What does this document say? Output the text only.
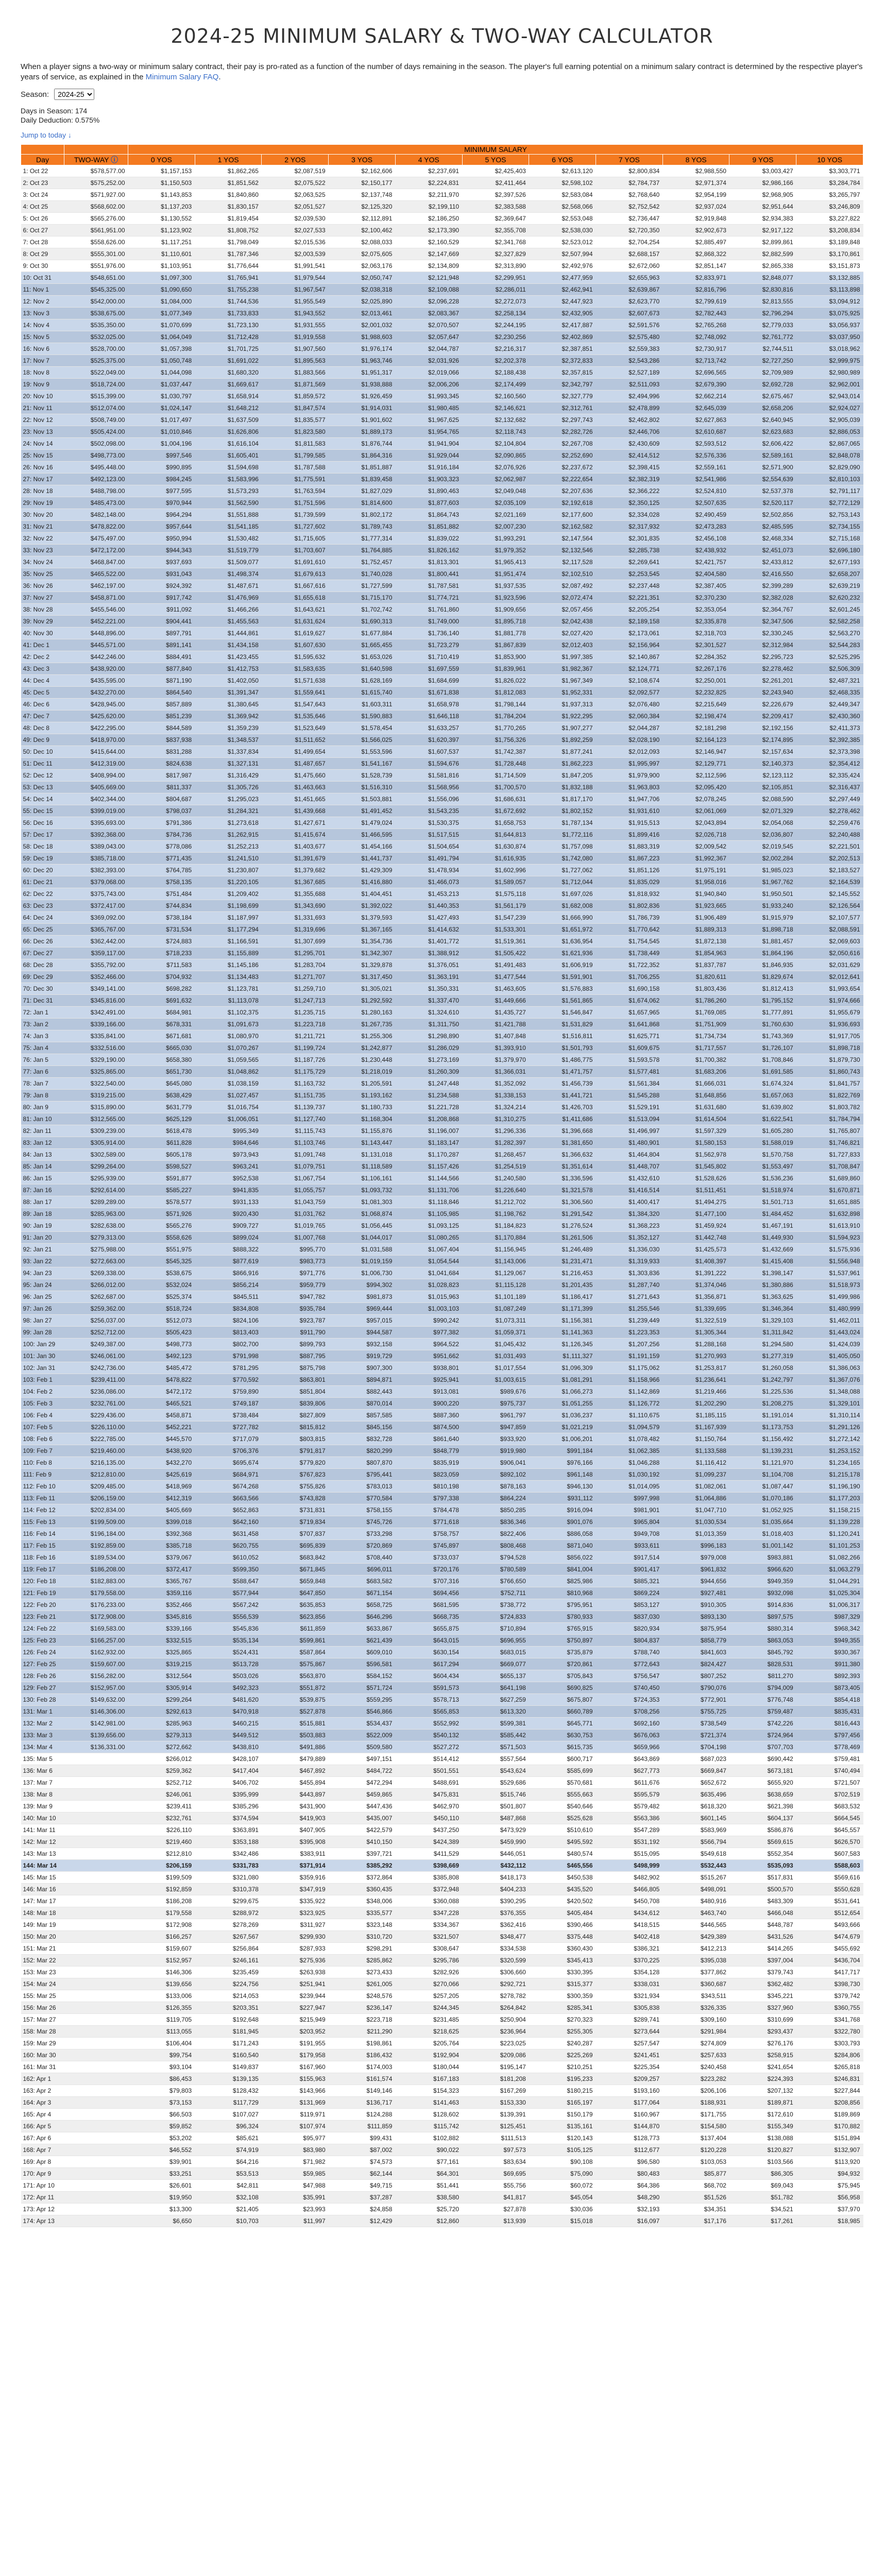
2024-25 MINIMUM SALARY & TWO-WAY CALCULATOR
When a player signs a two-way or minimum salary contract, their pay is pro-rated as a function of the number of days remaining in the season. The player's full earning potential on a minimum salary contract is determined by the respective player's years of service, as explained in the Minimum Salary FAQ.
Season:
2024-25
Days in Season: 174
Daily Deduction: 0.575%
Jump to today ↓
		MINIMUM SALARY										
Day	TWO-WAY ⓘ	0 YOS	1 YOS	2 YOS	3 YOS	4 YOS	5 YOS	6 YOS	7 YOS	8 YOS	9 YOS	10 YOS
1: Oct 22	$578,577.00	$1,157,153	$1,862,265	$2,087,519	$2,162,606	$2,237,691	$2,425,403	$2,613,120	$2,800,834	$2,988,550	$3,003,427	$3,303,771
2: Oct 23	$575,252.00	$1,150,503	$1,851,562	$2,075,522	$2,150,177	$2,224,831	$2,411,464	$2,598,102	$2,784,737	$2,971,374	$2,986,166	$3,284,784
3: Oct 24	$571,927.00	$1,143,853	$1,840,860	$2,063,525	$2,137,748	$2,211,970	$2,397,526	$2,583,084	$2,768,640	$2,954,199	$2,968,905	$3,265,797
4: Oct 25	$568,602.00	$1,137,203	$1,830,157	$2,051,527	$2,125,320	$2,199,110	$2,383,588	$2,568,066	$2,752,542	$2,937,024	$2,951,644	$3,246,809
5: Oct 26	$565,276.00	$1,130,552	$1,819,454	$2,039,530	$2,112,891	$2,186,250	$2,369,647	$2,553,048	$2,736,447	$2,919,848	$2,934,383	$3,227,822
6: Oct 27	$561,951.00	$1,123,902	$1,808,752	$2,027,533	$2,100,462	$2,173,390	$2,355,708	$2,538,030	$2,720,350	$2,902,673	$2,917,122	$3,208,834
7: Oct 28	$558,626.00	$1,117,251	$1,798,049	$2,015,536	$2,088,033	$2,160,529	$2,341,768	$2,523,012	$2,704,254	$2,885,497	$2,899,861	$3,189,848
8: Oct 29	$555,301.00	$1,110,601	$1,787,346	$2,003,539	$2,075,605	$2,147,669	$2,327,829	$2,507,994	$2,688,157	$2,868,322	$2,882,599	$3,170,861
9: Oct 30	$551,976.00	$1,103,951	$1,776,644	$1,991,541	$2,063,176	$2,134,809	$2,313,890	$2,492,976	$2,672,060	$2,851,147	$2,865,338	$3,151,873
10: Oct 31	$548,651.00	$1,097,300	$1,765,941	$1,979,544	$2,050,747	$2,121,948	$2,299,951	$2,477,959	$2,655,963	$2,833,971	$2,848,077	$3,132,885
11: Nov 1	$545,325.00	$1,090,650	$1,755,238	$1,967,547	$2,038,318	$2,109,088	$2,286,011	$2,462,941	$2,639,867	$2,816,796	$2,830,816	$3,113,898
12: Nov 2	$542,000.00	$1,084,000	$1,744,536	$1,955,549	$2,025,890	$2,096,228	$2,272,073	$2,447,923	$2,623,770	$2,799,619	$2,813,555	$3,094,912
13: Nov 3	$538,675.00	$1,077,349	$1,733,833	$1,943,552	$2,013,461	$2,083,367	$2,258,134	$2,432,905	$2,607,673	$2,782,443	$2,796,294	$3,075,925
14: Nov 4	$535,350.00	$1,070,699	$1,723,130	$1,931,555	$2,001,032	$2,070,507	$2,244,195	$2,417,887	$2,591,576	$2,765,268	$2,779,033	$3,056,937
15: Nov 5	$532,025.00	$1,064,049	$1,712,428	$1,919,558	$1,988,603	$2,057,647	$2,230,256	$2,402,869	$2,575,480	$2,748,092	$2,761,772	$3,037,950
16: Nov 6	$528,700.00	$1,057,398	$1,701,725	$1,907,560	$1,976,174	$2,044,787	$2,216,317	$2,387,851	$2,559,383	$2,730,917	$2,744,511	$3,018,962
17: Nov 7	$525,375.00	$1,050,748	$1,691,022	$1,895,563	$1,963,746	$2,031,926	$2,202,378	$2,372,833	$2,543,286	$2,713,742	$2,727,250	$2,999,975
18: Nov 8	$522,049.00	$1,044,098	$1,680,320	$1,883,566	$1,951,317	$2,019,066	$2,188,438	$2,357,815	$2,527,189	$2,696,565	$2,709,989	$2,980,989
19: Nov 9	$518,724.00	$1,037,447	$1,669,617	$1,871,569	$1,938,888	$2,006,206	$2,174,499	$2,342,797	$2,511,093	$2,679,390	$2,692,728	$2,962,001
20: Nov 10	$515,399.00	$1,030,797	$1,658,914	$1,859,572	$1,926,459	$1,993,345	$2,160,560	$2,327,779	$2,494,996	$2,662,214	$2,675,467	$2,943,014
21: Nov 11	$512,074.00	$1,024,147	$1,648,212	$1,847,574	$1,914,031	$1,980,485	$2,146,621	$2,312,761	$2,478,899	$2,645,039	$2,658,206	$2,924,027
22: Nov 12	$508,749.00	$1,017,497	$1,637,509	$1,835,577	$1,901,602	$1,967,625	$2,132,682	$2,297,743	$2,462,802	$2,627,863	$2,640,945	$2,905,039
23: Nov 13	$505,424.00	$1,010,846	$1,626,806	$1,823,580	$1,889,173	$1,954,765	$2,118,743	$2,282,726	$2,446,706	$2,610,687	$2,623,683	$2,886,053
24: Nov 14	$502,098.00	$1,004,196	$1,616,104	$1,811,583	$1,876,744	$1,941,904	$2,104,804	$2,267,708	$2,430,609	$2,593,512	$2,606,422	$2,867,065
25: Nov 15	$498,773.00	$997,546	$1,605,401	$1,799,585	$1,864,316	$1,929,044	$2,090,865	$2,252,690	$2,414,512	$2,576,336	$2,589,161	$2,848,078
26: Nov 16	$495,448.00	$990,895	$1,594,698	$1,787,588	$1,851,887	$1,916,184	$2,076,926	$2,237,672	$2,398,415	$2,559,161	$2,571,900	$2,829,090
27: Nov 17	$492,123.00	$984,245	$1,583,996	$1,775,591	$1,839,458	$1,903,323	$2,062,987	$2,222,654	$2,382,319	$2,541,986	$2,554,639	$2,810,103
28: Nov 18	$488,798.00	$977,595	$1,573,293	$1,763,594	$1,827,029	$1,890,463	$2,049,048	$2,207,636	$2,366,222	$2,524,810	$2,537,378	$2,791,117
29: Nov 19	$485,473.00	$970,944	$1,562,590	$1,751,596	$1,814,600	$1,877,603	$2,035,109	$2,192,618	$2,350,125	$2,507,635	$2,520,117	$2,772,129
30: Nov 20	$482,148.00	$964,294	$1,551,888	$1,739,599	$1,802,172	$1,864,743	$2,021,169	$2,177,600	$2,334,028	$2,490,459	$2,502,856	$2,753,143
31: Nov 21	$478,822.00	$957,644	$1,541,185	$1,727,602	$1,789,743	$1,851,882	$2,007,230	$2,162,582	$2,317,932	$2,473,283	$2,485,595	$2,734,155
32: Nov 22	$475,497.00	$950,994	$1,530,482	$1,715,605	$1,777,314	$1,839,022	$1,993,291	$2,147,564	$2,301,835	$2,456,108	$2,468,334	$2,715,168
33: Nov 23	$472,172.00	$944,343	$1,519,779	$1,703,607	$1,764,885	$1,826,162	$1,979,352	$2,132,546	$2,285,738	$2,438,932	$2,451,073	$2,696,180
34: Nov 24	$468,847.00	$937,693	$1,509,077	$1,691,610	$1,752,457	$1,813,301	$1,965,413	$2,117,528	$2,269,641	$2,421,757	$2,433,812	$2,677,193
35: Nov 25	$465,522.00	$931,043	$1,498,374	$1,679,613	$1,740,028	$1,800,441	$1,951,474	$2,102,510	$2,253,545	$2,404,580	$2,416,550	$2,658,207
36: Nov 26	$462,197.00	$924,392	$1,487,671	$1,667,616	$1,727,599	$1,787,581	$1,937,535	$2,087,492	$2,237,448	$2,387,405	$2,399,289	$2,639,219
37: Nov 27	$458,871.00	$917,742	$1,476,969	$1,655,618	$1,715,170	$1,774,721	$1,923,596	$2,072,474	$2,221,351	$2,370,230	$2,382,028	$2,620,232
38: Nov 28	$455,546.00	$911,092	$1,466,266	$1,643,621	$1,702,742	$1,761,860	$1,909,656	$2,057,456	$2,205,254	$2,353,054	$2,364,767	$2,601,245
39: Nov 29	$452,221.00	$904,441	$1,455,563	$1,631,624	$1,690,313	$1,749,000	$1,895,718	$2,042,438	$2,189,158	$2,335,878	$2,347,506	$2,582,258
40: Nov 30	$448,896.00	$897,791	$1,444,861	$1,619,627	$1,677,884	$1,736,140	$1,881,778	$2,027,420	$2,173,061	$2,318,703	$2,330,245	$2,563,270
41: Dec 1	$445,571.00	$891,141	$1,434,158	$1,607,630	$1,665,455	$1,723,279	$1,867,839	$2,012,403	$2,156,964	$2,301,527	$2,312,984	$2,544,283
42: Dec 2	$442,246.00	$884,491	$1,423,455	$1,595,632	$1,653,026	$1,710,419	$1,853,900	$1,997,385	$2,140,867	$2,284,352	$2,295,723	$2,525,295
43: Dec 3	$438,920.00	$877,840	$1,412,753	$1,583,635	$1,640,598	$1,697,559	$1,839,961	$1,982,367	$2,124,771	$2,267,176	$2,278,462	$2,506,309
44: Dec 4	$435,595.00	$871,190	$1,402,050	$1,571,638	$1,628,169	$1,684,699	$1,826,022	$1,967,349	$2,108,674	$2,250,001	$2,261,201	$2,487,321
45: Dec 5	$432,270.00	$864,540	$1,391,347	$1,559,641	$1,615,740	$1,671,838	$1,812,083	$1,952,331	$2,092,577	$2,232,825	$2,243,940	$2,468,335
46: Dec 6	$428,945.00	$857,889	$1,380,645	$1,547,643	$1,603,311	$1,658,978	$1,798,144	$1,937,313	$2,076,480	$2,215,649	$2,226,679	$2,449,347
47: Dec 7	$425,620.00	$851,239	$1,369,942	$1,535,646	$1,590,883	$1,646,118	$1,784,204	$1,922,295	$2,060,384	$2,198,474	$2,209,417	$2,430,360
48: Dec 8	$422,295.00	$844,589	$1,359,239	$1,523,649	$1,578,454	$1,633,257	$1,770,265	$1,907,277	$2,044,287	$2,181,298	$2,192,156	$2,411,373
49: Dec 9	$418,970.00	$837,938	$1,348,537	$1,511,652	$1,566,025	$1,620,397	$1,756,326	$1,892,259	$2,028,190	$2,164,123	$2,174,895	$2,392,385
50: Dec 10	$415,644.00	$831,288	$1,337,834	$1,499,654	$1,553,596	$1,607,537	$1,742,387	$1,877,241	$2,012,093	$2,146,947	$2,157,634	$2,373,398
51: Dec 11	$412,319.00	$824,638	$1,327,131	$1,487,657	$1,541,167	$1,594,676	$1,728,448	$1,862,223	$1,995,997	$2,129,771	$2,140,373	$2,354,412
52: Dec 12	$408,994.00	$817,987	$1,316,429	$1,475,660	$1,528,739	$1,581,816	$1,714,509	$1,847,205	$1,979,900	$2,112,596	$2,123,112	$2,335,424
53: Dec 13	$405,669.00	$811,337	$1,305,726	$1,463,663	$1,516,310	$1,568,956	$1,700,570	$1,832,188	$1,963,803	$2,095,420	$2,105,851	$2,316,437
54: Dec 14	$402,344.00	$804,687	$1,295,023	$1,451,665	$1,503,881	$1,556,096	$1,686,631	$1,817,170	$1,947,706	$2,078,245	$2,088,590	$2,297,449
55: Dec 15	$399,019.00	$798,037	$1,284,321	$1,439,668	$1,491,452	$1,543,235	$1,672,692	$1,802,152	$1,931,610	$2,061,069	$2,071,329	$2,278,462
56: Dec 16	$395,693.00	$791,386	$1,273,618	$1,427,671	$1,479,024	$1,530,375	$1,658,753	$1,787,134	$1,915,513	$2,043,894	$2,054,068	$2,259,476
57: Dec 17	$392,368.00	$784,736	$1,262,915	$1,415,674	$1,466,595	$1,517,515	$1,644,813	$1,772,116	$1,899,416	$2,026,718	$2,036,807	$2,240,488
58: Dec 18	$389,043.00	$778,086	$1,252,213	$1,403,677	$1,454,166	$1,504,654	$1,630,874	$1,757,098	$1,883,319	$2,009,542	$2,019,545	$2,221,501
59: Dec 19	$385,718.00	$771,435	$1,241,510	$1,391,679	$1,441,737	$1,491,794	$1,616,935	$1,742,080	$1,867,223	$1,992,367	$2,002,284	$2,202,513
60: Dec 20	$382,393.00	$764,785	$1,230,807	$1,379,682	$1,429,309	$1,478,934	$1,602,996	$1,727,062	$1,851,126	$1,975,191	$1,985,023	$2,183,527
61: Dec 21	$379,068.00	$758,135	$1,220,105	$1,367,685	$1,416,880	$1,466,073	$1,589,057	$1,712,044	$1,835,029	$1,958,016	$1,967,762	$2,164,539
62: Dec 22	$375,743.00	$751,484	$1,209,402	$1,355,688	$1,404,451	$1,453,213	$1,575,118	$1,697,026	$1,818,932	$1,940,840	$1,950,501	$2,145,552
63: Dec 23	$372,417.00	$744,834	$1,198,699	$1,343,690	$1,392,022	$1,440,353	$1,561,179	$1,682,008	$1,802,836	$1,923,665	$1,933,240	$2,126,564
64: Dec 24	$369,092.00	$738,184	$1,187,997	$1,331,693	$1,379,593	$1,427,493	$1,547,239	$1,666,990	$1,786,739	$1,906,489	$1,915,979	$2,107,577
65: Dec 25	$365,767.00	$731,534	$1,177,294	$1,319,696	$1,367,165	$1,414,632	$1,533,301	$1,651,972	$1,770,642	$1,889,313	$1,898,718	$2,088,591
66: Dec 26	$362,442.00	$724,883	$1,166,591	$1,307,699	$1,354,736	$1,401,772	$1,519,361	$1,636,954	$1,754,545	$1,872,138	$1,881,457	$2,069,603
67: Dec 27	$359,117.00	$718,233	$1,155,889	$1,295,701	$1,342,307	$1,388,912	$1,505,422	$1,621,936	$1,738,449	$1,854,963	$1,864,196	$2,050,616
68: Dec 28	$355,792.00	$711,583	$1,145,186	$1,283,704	$1,329,878	$1,376,051	$1,491,483	$1,606,919	$1,722,352	$1,837,787	$1,846,935	$2,031,629
69: Dec 29	$352,466.00	$704,932	$1,134,483	$1,271,707	$1,317,450	$1,363,191	$1,477,544	$1,591,901	$1,706,255	$1,820,611	$1,829,674	$2,012,641
70: Dec 30	$349,141.00	$698,282	$1,123,781	$1,259,710	$1,305,021	$1,350,331	$1,463,605	$1,576,883	$1,690,158	$1,803,436	$1,812,413	$1,993,654
71: Dec 31	$345,816.00	$691,632	$1,113,078	$1,247,713	$1,292,592	$1,337,470	$1,449,666	$1,561,865	$1,674,062	$1,786,260	$1,795,152	$1,974,666
72: Jan 1	$342,491.00	$684,981	$1,102,375	$1,235,715	$1,280,163	$1,324,610	$1,435,727	$1,546,847	$1,657,965	$1,769,085	$1,777,891	$1,955,679
73: Jan 2	$339,166.00	$678,331	$1,091,673	$1,223,718	$1,267,735	$1,311,750	$1,421,788	$1,531,829	$1,641,868	$1,751,909	$1,760,630	$1,936,693
74: Jan 3	$335,841.00	$671,681	$1,080,970	$1,211,721	$1,255,306	$1,298,890	$1,407,848	$1,516,811	$1,625,771	$1,734,734	$1,743,369	$1,917,705
75: Jan 4	$332,516.00	$665,030	$1,070,267	$1,199,724	$1,242,877	$1,286,029	$1,393,910	$1,501,793	$1,609,675	$1,717,557	$1,726,107	$1,898,718
76: Jan 5	$329,190.00	$658,380	$1,059,565	$1,187,726	$1,230,448	$1,273,169	$1,379,970	$1,486,775	$1,593,578	$1,700,382	$1,708,846	$1,879,730
77: Jan 6	$325,865.00	$651,730	$1,048,862	$1,175,729	$1,218,019	$1,260,309	$1,366,031	$1,471,757	$1,577,481	$1,683,206	$1,691,585	$1,860,743
78: Jan 7	$322,540.00	$645,080	$1,038,159	$1,163,732	$1,205,591	$1,247,448	$1,352,092	$1,456,739	$1,561,384	$1,666,031	$1,674,324	$1,841,757
79: Jan 8	$319,215.00	$638,429	$1,027,457	$1,151,735	$1,193,162	$1,234,588	$1,338,153	$1,441,721	$1,545,288	$1,648,856	$1,657,063	$1,822,769
80: Jan 9	$315,890.00	$631,779	$1,016,754	$1,139,737	$1,180,733	$1,221,728	$1,324,214	$1,426,703	$1,529,191	$1,631,680	$1,639,802	$1,803,782
81: Jan 10	$312,565.00	$625,129	$1,006,051	$1,127,740	$1,168,304	$1,208,868	$1,310,275	$1,411,686	$1,513,094	$1,614,504	$1,622,541	$1,784,794
82: Jan 11	$309,239.00	$618,478	$995,349	$1,115,743	$1,155,876	$1,196,007	$1,296,336	$1,396,668	$1,496,997	$1,597,329	$1,605,280	$1,765,807
83: Jan 12	$305,914.00	$611,828	$984,646	$1,103,746	$1,143,447	$1,183,147	$1,282,397	$1,381,650	$1,480,901	$1,580,153	$1,588,019	$1,746,821
84: Jan 13	$302,589.00	$605,178	$973,943	$1,091,748	$1,131,018	$1,170,287	$1,268,457	$1,366,632	$1,464,804	$1,562,978	$1,570,758	$1,727,833
85: Jan 14	$299,264.00	$598,527	$963,241	$1,079,751	$1,118,589	$1,157,426	$1,254,519	$1,351,614	$1,448,707	$1,545,802	$1,553,497	$1,708,847
86: Jan 15	$295,939.00	$591,877	$952,538	$1,067,754	$1,106,161	$1,144,566	$1,240,580	$1,336,596	$1,432,610	$1,528,626	$1,536,236	$1,689,860
87: Jan 16	$292,614.00	$585,227	$941,835	$1,055,757	$1,093,732	$1,131,706	$1,226,640	$1,321,578	$1,416,514	$1,511,451	$1,518,974	$1,670,871
88: Jan 17	$289,289.00	$578,577	$931,133	$1,043,759	$1,081,303	$1,118,846	$1,212,702	$1,306,560	$1,400,417	$1,494,275	$1,501,713	$1,651,885
89: Jan 18	$285,963.00	$571,926	$920,430	$1,031,762	$1,068,874	$1,105,985	$1,198,762	$1,291,542	$1,384,320	$1,477,100	$1,484,452	$1,632,898
90: Jan 19	$282,638.00	$565,276	$909,727	$1,019,765	$1,056,445	$1,093,125	$1,184,823	$1,276,524	$1,368,223	$1,459,924	$1,467,191	$1,613,910
91: Jan 20	$279,313.00	$558,626	$899,024	$1,007,768	$1,044,017	$1,080,265	$1,170,884	$1,261,506	$1,352,127	$1,442,748	$1,449,930	$1,594,923
92: Jan 21	$275,988.00	$551,975	$888,322	$995,770	$1,031,588	$1,067,404	$1,156,945	$1,246,489	$1,336,030	$1,425,573	$1,432,669	$1,575,936
93: Jan 22	$272,663.00	$545,325	$877,619	$983,773	$1,019,159	$1,054,544	$1,143,006	$1,231,471	$1,319,933	$1,408,397	$1,415,408	$1,556,948
94: Jan 23	$269,338.00	$538,675	$866,916	$971,776	$1,006,730	$1,041,684	$1,129,067	$1,216,453	$1,303,836	$1,391,222	$1,398,147	$1,537,961
95: Jan 24	$266,012.00	$532,024	$856,214	$959,779	$994,302	$1,028,823	$1,115,128	$1,201,435	$1,287,740	$1,374,046	$1,380,886	$1,518,973
96: Jan 25	$262,687.00	$525,374	$845,511	$947,782	$981,873	$1,015,963	$1,101,189	$1,186,417	$1,271,643	$1,356,871	$1,363,625	$1,499,986
97: Jan 26	$259,362.00	$518,724	$834,808	$935,784	$969,444	$1,003,103	$1,087,249	$1,171,399	$1,255,546	$1,339,695	$1,346,364	$1,480,999
98: Jan 27	$256,037.00	$512,073	$824,106	$923,787	$957,015	$990,242	$1,073,311	$1,156,381	$1,239,449	$1,322,519	$1,329,103	$1,462,011
99: Jan 28	$252,712.00	$505,423	$813,403	$911,790	$944,587	$977,382	$1,059,371	$1,141,363	$1,223,353	$1,305,344	$1,311,842	$1,443,024
100: Jan 29	$249,387.00	$498,773	$802,700	$899,793	$932,158	$964,522	$1,045,432	$1,126,345	$1,207,256	$1,288,168	$1,294,580	$1,424,039
101: Jan 30	$246,061.00	$492,123	$791,998	$887,795	$919,729	$951,662	$1,031,493	$1,111,327	$1,191,159	$1,270,993	$1,277,319	$1,405,050
102: Jan 31	$242,736.00	$485,472	$781,295	$875,798	$907,300	$938,801	$1,017,554	$1,096,309	$1,175,062	$1,253,817	$1,260,058	$1,386,063
103: Feb 1	$239,411.00	$478,822	$770,592	$863,801	$894,871	$925,941	$1,003,615	$1,081,291	$1,158,966	$1,236,641	$1,242,797	$1,367,076
104: Feb 2	$236,086.00	$472,172	$759,890	$851,804	$882,443	$913,081	$989,676	$1,066,273	$1,142,869	$1,219,466	$1,225,536	$1,348,088
105: Feb 3	$232,761.00	$465,521	$749,187	$839,806	$870,014	$900,220	$975,737	$1,051,255	$1,126,772	$1,202,290	$1,208,275	$1,329,101
106: Feb 4	$229,436.00	$458,871	$738,484	$827,809	$857,585	$887,360	$961,797	$1,036,237	$1,110,675	$1,185,115	$1,191,014	$1,310,114
107: Feb 5	$226,110.00	$452,221	$727,782	$815,812	$845,156	$874,500	$947,859	$1,021,219	$1,094,579	$1,167,939	$1,173,753	$1,291,126
108: Feb 6	$222,785.00	$445,570	$717,079	$803,815	$832,728	$861,640	$933,920	$1,006,201	$1,078,482	$1,150,764	$1,156,492	$1,272,142
109: Feb 7	$219,460.00	$438,920	$706,376	$791,817	$820,299	$848,779	$919,980	$991,184	$1,062,385	$1,133,588	$1,139,231	$1,253,152
110: Feb 8	$216,135.00	$432,270	$695,674	$779,820	$807,870	$835,919	$906,041	$976,166	$1,046,288	$1,116,412	$1,121,970	$1,234,165
111: Feb 9	$212,810.00	$425,619	$684,971	$767,823	$795,441	$823,059	$892,102	$961,148	$1,030,192	$1,099,237	$1,104,708	$1,215,178
112: Feb 10	$209,485.00	$418,969	$674,268	$755,826	$783,013	$810,198	$878,163	$946,130	$1,014,095	$1,082,061	$1,087,447	$1,196,190
113: Feb 11	$206,159.00	$412,319	$663,566	$743,828	$770,584	$797,338	$864,224	$931,112	$997,998	$1,064,886	$1,070,186	$1,177,203
114: Feb 12	$202,834.00	$405,669	$652,863	$731,831	$758,155	$784,478	$850,285	$916,094	$981,901	$1,047,710	$1,052,925	$1,158,215
115: Feb 13	$199,509.00	$399,018	$642,160	$719,834	$745,726	$771,618	$836,346	$901,076	$965,804	$1,030,534	$1,035,664	$1,139,228
116: Feb 14	$196,184.00	$392,368	$631,458	$707,837	$733,298	$758,757	$822,406	$886,058	$949,708	$1,013,359	$1,018,403	$1,120,241
117: Feb 15	$192,859.00	$385,718	$620,755	$695,839	$720,869	$745,897	$808,468	$871,040	$933,611	$996,183	$1,001,142	$1,101,253
118: Feb 16	$189,534.00	$379,067	$610,052	$683,842	$708,440	$733,037	$794,528	$856,022	$917,514	$979,008	$983,881	$1,082,266
119: Feb 17	$186,208.00	$372,417	$599,350	$671,845	$696,011	$720,176	$780,589	$841,004	$901,417	$961,832	$966,620	$1,063,279
120: Feb 18	$182,883.00	$365,767	$588,647	$659,848	$683,582	$707,316	$766,650	$825,986	$885,321	$944,656	$949,359	$1,044,291
121: Feb 19	$179,558.00	$359,116	$577,944	$647,850	$671,154	$694,456	$752,711	$810,968	$869,224	$927,481	$932,098	$1,025,304
122: Feb 20	$176,233.00	$352,466	$567,242	$635,853	$658,725	$681,595	$738,772	$795,951	$853,127	$910,305	$914,836	$1,006,317
123: Feb 21	$172,908.00	$345,816	$556,539	$623,856	$646,296	$668,735	$724,833	$780,933	$837,030	$893,130	$897,575	$987,329
124: Feb 22	$169,583.00	$339,166	$545,836	$611,859	$633,867	$655,875	$710,894	$765,915	$820,934	$875,954	$880,314	$968,342
125: Feb 23	$166,257.00	$332,515	$535,134	$599,861	$621,439	$643,015	$696,955	$750,897	$804,837	$858,779	$863,053	$949,355
126: Feb 24	$162,932.00	$325,865	$524,431	$587,864	$609,010	$630,154	$683,015	$735,879	$788,740	$841,603	$845,792	$930,367
127: Feb 25	$159,607.00	$319,215	$513,728	$575,867	$596,581	$617,294	$669,077	$720,861	$772,643	$824,427	$828,531	$911,380
128: Feb 26	$156,282.00	$312,564	$503,026	$563,870	$584,152	$604,434	$655,137	$705,843	$756,547	$807,252	$811,270	$892,393
129: Feb 27	$152,957.00	$305,914	$492,323	$551,872	$571,724	$591,573	$641,198	$690,825	$740,450	$790,076	$794,009	$873,405
130: Feb 28	$149,632.00	$299,264	$481,620	$539,875	$559,295	$578,713	$627,259	$675,807	$724,353	$772,901	$776,748	$854,418
131: Mar 1	$146,306.00	$292,613	$470,918	$527,878	$546,866	$565,853	$613,320	$660,789	$708,256	$755,725	$759,487	$835,431
132: Mar 2	$142,981.00	$285,963	$460,215	$515,881	$534,437	$552,992	$599,381	$645,771	$692,160	$738,549	$742,226	$816,443
133: Mar 3	$139,656.00	$279,313	$449,512	$503,883	$522,009	$540,132	$585,442	$630,753	$676,063	$721,374	$724,964	$797,456
134: Mar 4	$136,331.00	$272,662	$438,810	$491,886	$509,580	$527,272	$571,503	$615,735	$659,966	$704,198	$707,703	$778,469
135: Mar 5		$266,012	$428,107	$479,889	$497,151	$514,412	$557,564	$600,717	$643,869	$687,023	$690,442	$759,481
136: Mar 6		$259,362	$417,404	$467,892	$484,722	$501,551	$543,624	$585,699	$627,773	$669,847	$673,181	$740,494
137: Mar 7		$252,712	$406,702	$455,894	$472,294	$488,691	$529,686	$570,681	$611,676	$652,672	$655,920	$721,507
138: Mar 8		$246,061	$395,999	$443,897	$459,865	$475,831	$515,746	$555,663	$595,579	$635,496	$638,659	$702,519
139: Mar 9		$239,411	$385,296	$431,900	$447,436	$462,970	$501,807	$540,646	$579,482	$618,320	$621,398	$683,532
140: Mar 10		$232,761	$374,594	$419,903	$435,007	$450,110	$487,868	$525,628	$563,386	$601,145	$604,137	$664,545
141: Mar 11		$226,110	$363,891	$407,905	$422,579	$437,250	$473,929	$510,610	$547,289	$583,969	$586,876	$645,557
142: Mar 12		$219,460	$353,188	$395,908	$410,150	$424,389	$459,990	$495,592	$531,192	$566,794	$569,615	$626,570
143: Mar 13		$212,810	$342,486	$383,911	$397,721	$411,529	$446,051	$480,574	$515,095	$549,618	$552,354	$607,583
144: Mar 14		$206,159	$331,783	$371,914	$385,292	$398,669	$432,112	$465,556	$498,999	$532,443	$535,093	$588,603
145: Mar 15		$199,509	$321,080	$359,916	$372,864	$385,808	$418,173	$450,538	$482,902	$515,267	$517,831	$569,616
146: Mar 16		$192,859	$310,378	$347,919	$360,435	$372,948	$404,233	$435,520	$466,805	$498,091	$500,570	$550,628
147: Mar 17		$186,208	$299,675	$335,922	$348,006	$360,088	$390,295	$420,502	$450,708	$480,916	$483,309	$531,641
148: Mar 18		$179,558	$288,972	$323,925	$335,577	$347,228	$376,355	$405,484	$434,612	$463,740	$466,048	$512,654
149: Mar 19		$172,908	$278,269	$311,927	$323,148	$334,367	$362,416	$390,466	$418,515	$446,565	$448,787	$493,666
150: Mar 20		$166,257	$267,567	$299,930	$310,720	$321,507	$348,477	$375,448	$402,418	$429,389	$431,526	$474,679
151: Mar 21		$159,607	$256,864	$287,933	$298,291	$308,647	$334,538	$360,430	$386,321	$412,213	$414,265	$455,692
152: Mar 22		$152,957	$246,161	$275,936	$285,862	$295,786	$320,599	$345,413	$370,225	$395,038	$397,004	$436,704
153: Mar 23		$146,306	$235,459	$263,938	$273,433	$282,926	$306,660	$330,395	$354,128	$377,862	$379,743	$417,717
154: Mar 24		$139,656	$224,756	$251,941	$261,005	$270,066	$292,721	$315,377	$338,031	$360,687	$362,482	$398,730
155: Mar 25		$133,006	$214,053	$239,944	$248,576	$257,205	$278,782	$300,359	$321,934	$343,511	$345,221	$379,742
156: Mar 26		$126,355	$203,351	$227,947	$236,147	$244,345	$264,842	$285,341	$305,838	$326,335	$327,960	$360,755
157: Mar 27		$119,705	$192,648	$215,949	$223,718	$231,485	$250,904	$270,323	$289,741	$309,160	$310,699	$341,768
158: Mar 28		$113,055	$181,945	$203,952	$211,290	$218,625	$236,964	$255,305	$273,644	$291,984	$293,437	$322,780
159: Mar 29		$106,404	$171,243	$191,955	$198,861	$205,764	$223,025	$240,287	$257,547	$274,809	$276,176	$303,793
160: Mar 30		$99,754	$160,540	$179,958	$186,432	$192,904	$209,086	$225,269	$241,451	$257,633	$258,915	$284,806
161: Mar 31		$93,104	$149,837	$167,960	$174,003	$180,044	$195,147	$210,251	$225,354	$240,458	$241,654	$265,818
162: Apr 1		$86,453	$139,135	$155,963	$161,574	$167,183	$181,208	$195,233	$209,257	$223,282	$224,393	$246,831
163: Apr 2		$79,803	$128,432	$143,966	$149,146	$154,323	$167,269	$180,215	$193,160	$206,106	$207,132	$227,844
164: Apr 3		$73,153	$117,729	$131,969	$136,717	$141,463	$153,330	$165,197	$177,064	$188,931	$189,871	$208,856
165: Apr 4		$66,503	$107,027	$119,971	$124,288	$128,602	$139,391	$150,179	$160,967	$171,755	$172,610	$189,869
166: Apr 5		$59,852	$96,324	$107,974	$111,859	$115,742	$125,451	$135,161	$144,870	$154,580	$155,349	$170,882
167: Apr 6		$53,202	$85,621	$95,977	$99,431	$102,882	$111,513	$120,143	$128,773	$137,404	$138,088	$151,894
168: Apr 7		$46,552	$74,919	$83,980	$87,002	$90,022	$97,573	$105,125	$112,677	$120,228	$120,827	$132,907
169: Apr 8		$39,901	$64,216	$71,982	$74,573	$77,161	$83,634	$90,108	$96,580	$103,053	$103,566	$113,920
170: Apr 9		$33,251	$53,513	$59,985	$62,144	$64,301	$69,695	$75,090	$80,483	$85,877	$86,305	$94,932
171: Apr 10		$26,601	$42,811	$47,988	$49,715	$51,441	$55,756	$60,072	$64,386	$68,702	$69,043	$75,945
172: Apr 11		$19,950	$32,108	$35,991	$37,287	$38,580	$41,817	$45,054	$48,290	$51,526	$51,782	$56,958
173: Apr 12		$13,300	$21,405	$23,993	$24,858	$25,720	$27,878	$30,036	$32,193	$34,351	$34,521	$37,970
174: Apr 13		$6,650	$10,703	$11,997	$12,429	$12,860	$13,939	$15,018	$16,097	$17,176	$17,261	$18,985
